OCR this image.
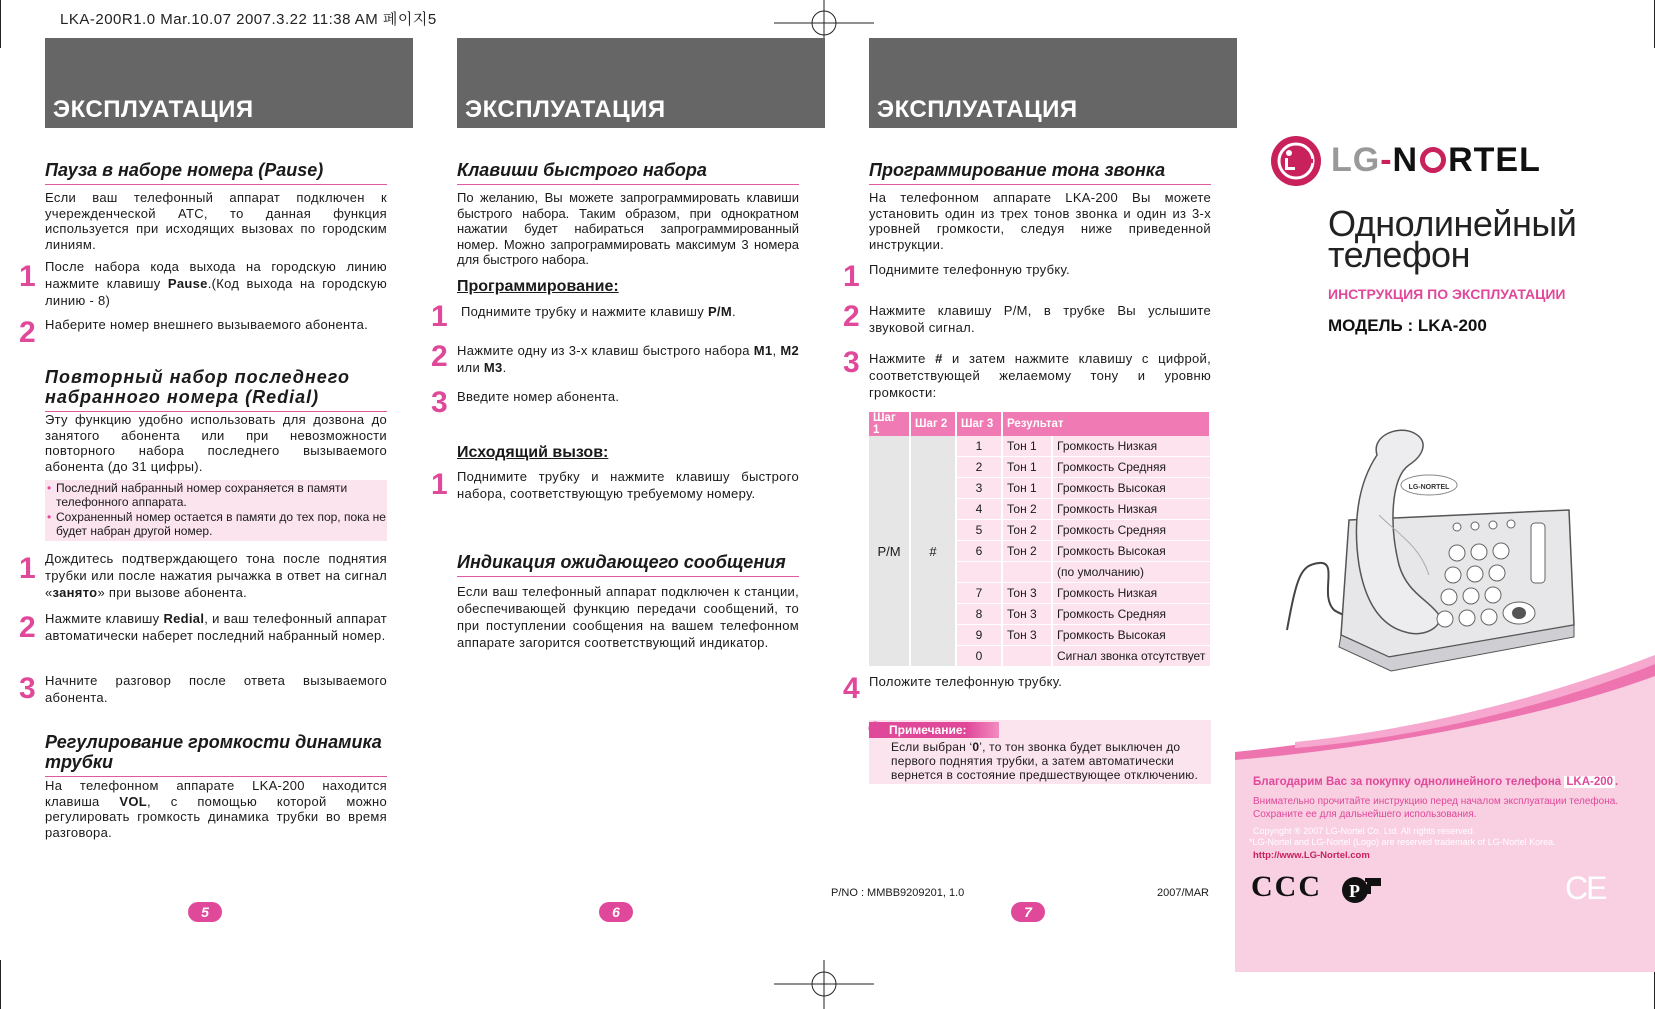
LKA-200R1.0 Mar.10.07 2007.3.22 11:38 AM 페이지5
ЭКСПЛУАТАЦИЯ	ЭКСПЛУАТАЦИЯ	ЭКСПЛУАТАЦИЯ
Пауза в наборе номера (Pause)

Если ваш телефонный аппарат подключен к учережденческой АТС, то данная функция используется при исходящих вызовах по городским линиям.

1 После набора кода выхода на городскую линию нажмите клавишу Pause.(Код выхода на городскую линию - 8)
2 Наберите номер внешнего вызываемого абонента.
Повторный набор последнего набранного номера (Redial)

Эту функцию удобно использовать для дозвона до занятого абонента или при невозможности повторного набора последнего вызываемого абонента (до 31 цифры).

• Последний набранный номер сохраняется в памяти телефонного аппарата.
• Сохраненный номер остается в памяти до тех пор, пока не будет набран другой номер.
1 Дождитесь подтверждающего тона после поднятия трубки или после нажатия рычажка в ответ на сигнал «занято» при вызове абонента.
2 Нажмите клавишу Redial, и ваш телефонный аппарат автоматически наберет последний набранный номер.
3 Начните разговор после ответа вызываемого абонента.
Регулирование громкости динамика трубки

На телефонном аппарате LKA-200 находится клавиша VOL, с помощью которой можно регулировать громкость динамика трубки во время разговора.

5
Клавиши быстрого набора

По желанию, Вы можете запрограммировать клавиши быстрого набора. Таким образом, при однократном нажатии будет набираться запрограммированный номер. Можно запрограммировать максимум 3 номера для быстрого набора.

Программирование:
1 Поднимите трубку и нажмите клавишу P/M.
2 Нажмите одну из 3-х клавиш быстрого набора M1, M2 или M3.
3 Введите номер абонента.
Исходящий вызов:
1 Поднимите трубку и нажмите клавишу быстрого набора, соответствующую требуемому номеру.
Индикация ожидающего сообщения

Если ваш телефонный аппарат подключен к станции, обеспечивающей функцию передачи сообщений, то при поступлении сообщения на вашем телефонном аппарате загорится соответствующий индикатор.

6
Программирование тона звонка

На телефонном аппарате LKA-200 Вы можете установить один из трех тонов звонка и один из 3-х уровней громкости, следуя ниже приведенной инструкции.

1 Поднимите телефонную трубку.
2 Нажмите клавишу P/M, в трубке Вы услышите звуковой сигнал.
3 Нажмите # и затем нажмите клавишу с цифрой, соответствующей желаемому тону и уровню громкости:
Шаг 1	Шаг 2	Шаг 3	Результат	
P/M	#	1	Тон 1	Громкость Низкая
		2	Тон 1	Громкость Средняя
		3	Тон 1	Громкость Высокая
		4	Тон 2	Громкость Низкая
		5	Тон 2	Громкость Средняя
		6	Тон 2	Громкость Высокая
				(по умолчанию)
		7	Тон 3	Громкость Низкая
		8	Тон 3	Громкость Средняя
		9	Тон 3	Громкость Высокая
		0		Сигнал звонка отсутствует
4 Положите телефонную трубку.
Примечание:
Если выбран ‘0’, то тон звонка будет выключен до первого поднятия трубки, а затем автоматически вернется в состояние предшествующее отключению.
P/NO : MMBB9209201, 1.0	2007/MAR
7
LG-N RTEL
Однолинейный
телефон
ИНСТРУКЦИЯ ПО ЭКСПЛУАТАЦИИ
МОДЕЛЬ : LKA-200
LG-NORTEL
Благодарим Вас за покупку однолинейного телефона LKA-200 .
Внимательно прочитайте инструкцию перед началом эксплуатации телефона.
Сохраните ее для дальнейшего использования.
Copyright ® 2007 LG-Nortel Co. Ltd. All rights reserved.
*LG-Nortel and LG-Nortel (Logo) are reserved trademark of LG-Nortel Korea.
http://www.LG-Nortel.com
CCC P	CE
